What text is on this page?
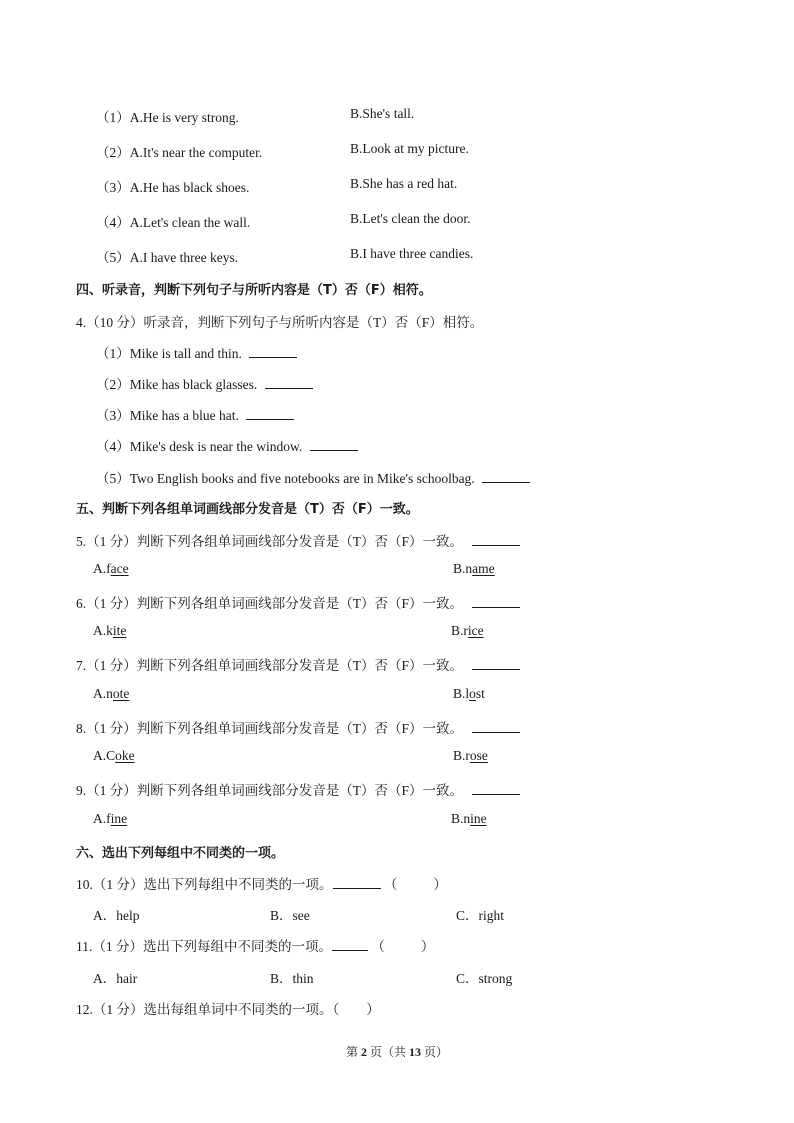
（1）A.He is very strong.	B.She's tall.
（2）A.It's near the computer.	B.Look at my picture.
（3）A.He has black shoes.	B.She has a red hat.
（4）A.Let's clean the wall.	B.Let's clean the door.
（5）A.I have three keys.	B.I have three candies.
四、听录音，判断下列句子与所听内容是（T）否（F）相符。
4.（10 分）听录音，判断下列句子与所听内容是（T）否（F）相符。
（1）Mike is tall and thin.
（2）Mike has black glasses.
（3）Mike has a blue hat.
（4）Mike's desk is near the window.
（5）Two English books and five notebooks are in Mike's schoolbag.
五、判断下列各组单词画线部分发音是（T）否（F）一致。
5.（1 分）判断下列各组单词画线部分发音是（T）否（F）一致。
A.face	B.name
6.（1 分）判断下列各组单词画线部分发音是（T）否（F）一致。
A.kite	B.rice
7.（1 分）判断下列各组单词画线部分发音是（T）否（F）一致。
A.note	B.lost
8.（1 分）判断下列各组单词画线部分发音是（T）否（F）一致。
A.Coke	B.rose
9.（1 分）判断下列各组单词画线部分发音是（T）否（F）一致。
A.fine	B.nine
六、选出下列每组中不同类的一项。
10.（1 分）选出下列每组中不同类的一项。	（	）
A．help	B．see	C．right
11.（1 分）选出下列每组中不同类的一项。	（	）
A．hair	B．thin	C．strong
12.（1 分）选出每组单词中不同类的一项。（　　）
第 2 页（共 13 页）
